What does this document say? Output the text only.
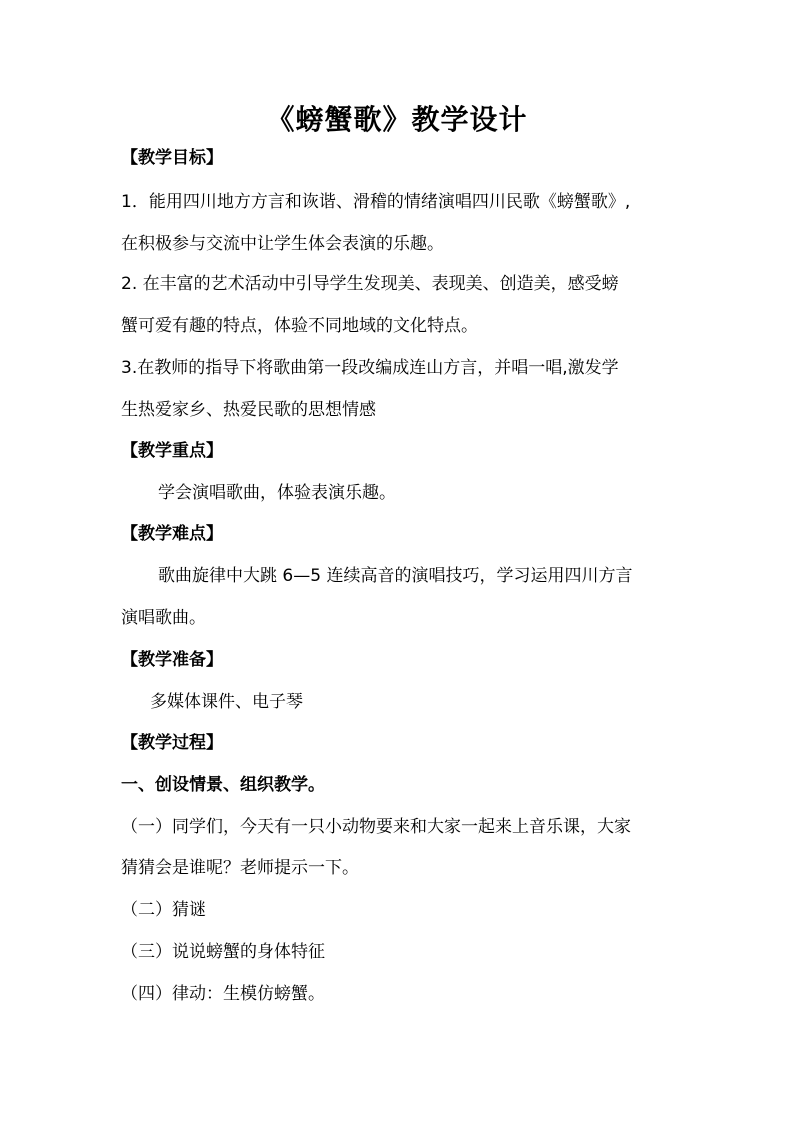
《螃蟹歌》教学设计
【教学目标】
1．能用四川地方方言和诙谐、滑稽的情绪演唱四川民歌《螃蟹歌》,
在积极参与交流中让学生体会表演的乐趣。
2. 在丰富的艺术活动中引导学生发现美、表现美、创造美，感受螃
蟹可爱有趣的特点，体验不同地域的文化特点。
3.在教师的指导下将歌曲第一段改编成连山方言，并唱一唱,激发学
生热爱家乡、热爱民歌的思想情感
【教学重点】
学会演唱歌曲，体验表演乐趣。
【教学难点】
歌曲旋律中大跳 6—5 连续高音的演唱技巧，学习运用四川方言
演唱歌曲。
【教学准备】
多媒体课件、电子琴
【教学过程】
一、创设情景、组织教学。
（一）同学们，今天有一只小动物要来和大家一起来上音乐课，大家
猜猜会是谁呢？老师提示一下。
（二）猜谜
（三）说说螃蟹的身体特征
（四）律动：生模仿螃蟹。
